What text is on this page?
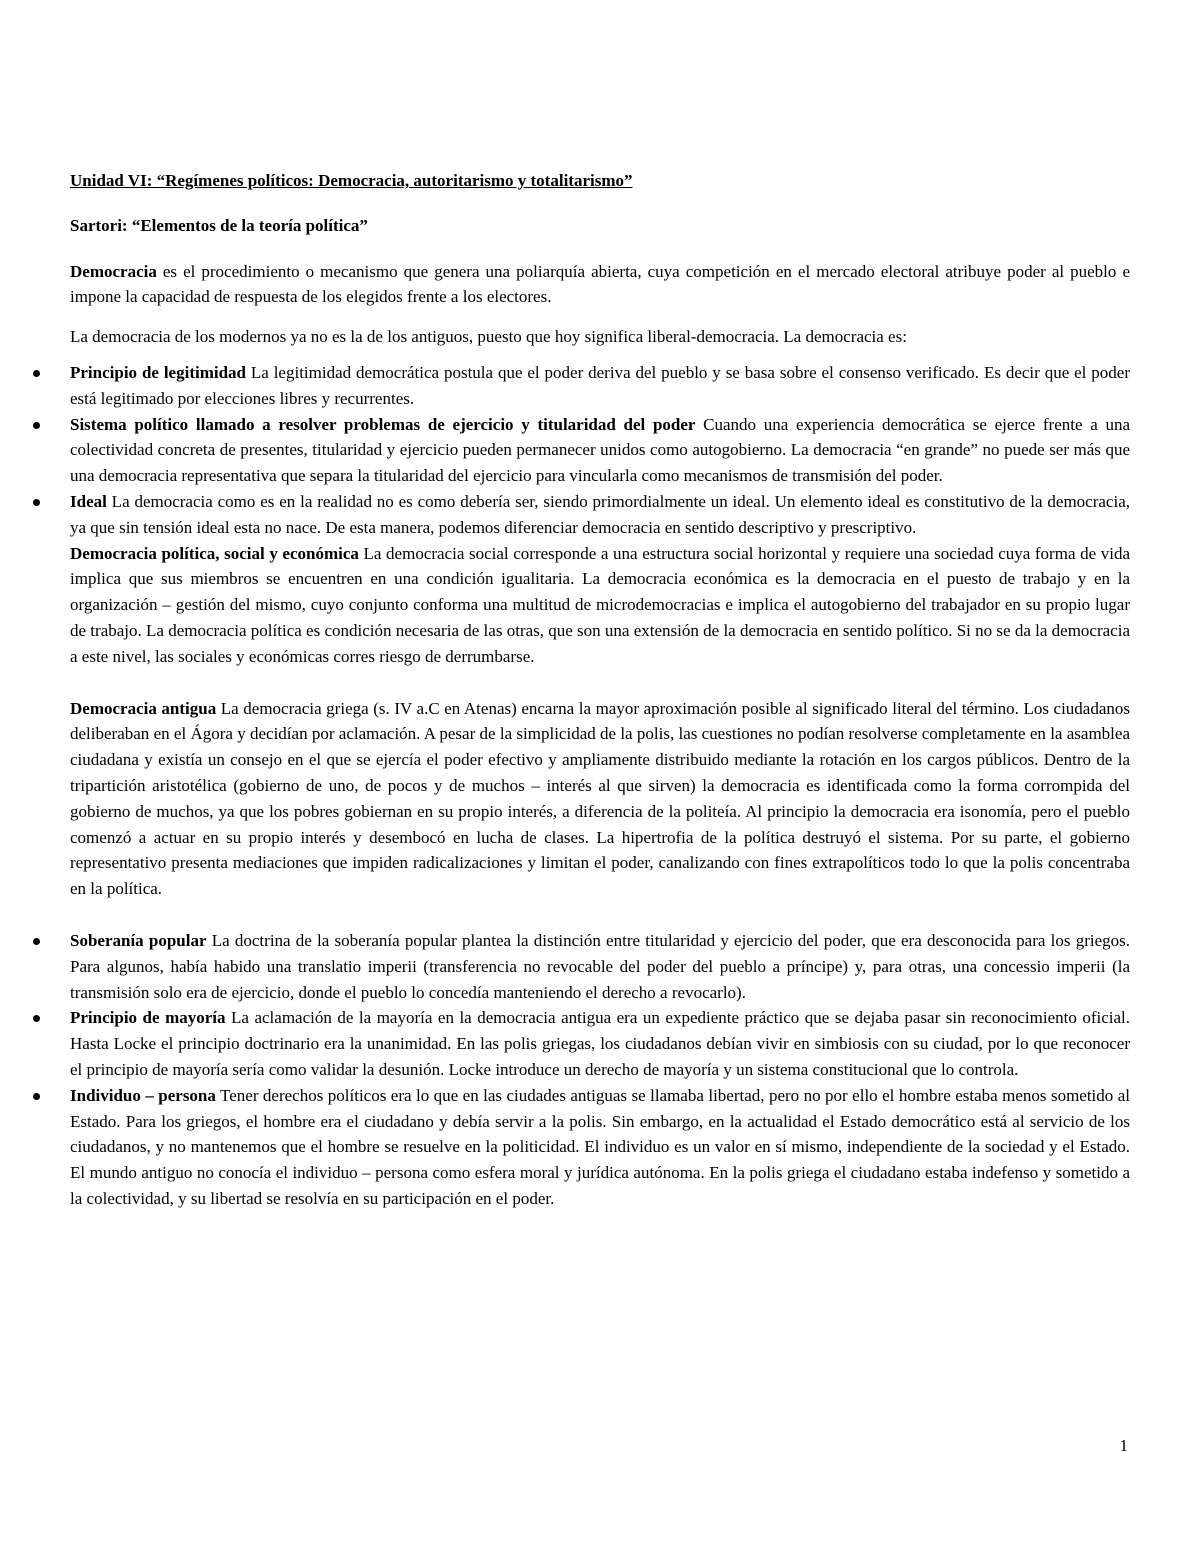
Unidad VI: “Regímenes políticos: Democracia, autoritarismo y totalitarismo”
Sartori: “Elementos de la teoría política”

Democracia es el procedimiento o mecanismo que genera una poliarquía abierta, cuya competición en el mercado electoral atribuye poder al pueblo e impone la capacidad de respuesta de los elegidos frente a los electores.

La democracia de los modernos ya no es la de los antiguos, puesto que hoy significa liberal-democracia. La democracia es:

Principio de legitimidad La legitimidad democrática postula que el poder deriva del pueblo y se basa sobre el consenso verificado. Es decir que el poder está legitimado por elecciones libres y recurrentes.
Sistema político llamado a resolver problemas de ejercicio y titularidad del poder Cuando una experiencia democrática se ejerce frente a una colectividad concreta de presentes, titularidad y ejercicio pueden permanecer unidos como autogobierno. La democracia “en grande” no puede ser más que una democracia representativa que separa la titularidad del ejercicio para vincularla como mecanismos de transmisión del poder.
Ideal La democracia como es en la realidad no es como debería ser, siendo primordialmente un ideal. Un elemento ideal es constitutivo de la democracia, ya que sin tensión ideal esta no nace. De esta manera, podemos diferenciar democracia en sentido descriptivo y prescriptivo.

Democracia política, social y económica La democracia social corresponde a una estructura social horizontal y requiere una sociedad cuya forma de vida implica que sus miembros se encuentren en una condición igualitaria. La democracia económica es la democracia en el puesto de trabajo y en la organización – gestión del mismo, cuyo conjunto conforma una multitud de microdemocracias e implica el autogobierno del trabajador en su propio lugar de trabajo. La democracia política es condición necesaria de las otras, que son una extensión de la democracia en sentido político. Si no se da la democracia a este nivel, las sociales y económicas corres riesgo de derrumbarse.

Democracia antigua La democracia griega (s. IV a.C en Atenas) encarna la mayor aproximación posible al significado literal del término. Los ciudadanos deliberaban en el Ágora y decidían por aclamación. A pesar de la simplicidad de la polis, las cuestiones no podían resolverse completamente en la asamblea ciudadana y existía un consejo en el que se ejercía el poder efectivo y ampliamente distribuido mediante la rotación en los cargos públicos. Dentro de la tripartición aristotélica (gobierno de uno, de pocos y de muchos – interés al que sirven) la democracia es identificada como la forma corrompida del gobierno de muchos, ya que los pobres gobiernan en su propio interés, a diferencia de la politeía. Al principio la democracia era isonomía, pero el pueblo comenzó a actuar en su propio interés y desembocó en lucha de clases. La hipertrofia de la política destruyó el sistema. Por su parte, el gobierno representativo presenta mediaciones que impiden radicalizaciones y limitan el poder, canalizando con fines extrapolíticos todo lo que la polis concentraba en la política.

Soberanía popular La doctrina de la soberanía popular plantea la distinción entre titularidad y ejercicio del poder, que era desconocida para los griegos. Para algunos, había habido una translatio imperii (transferencia no revocable del poder del pueblo a príncipe) y, para otras, una concessio imperii (la transmisión solo era de ejercicio, donde el pueblo lo concedía manteniendo el derecho a revocarlo).
Principio de mayoría La aclamación de la mayoría en la democracia antigua era un expediente práctico que se dejaba pasar sin reconocimiento oficial. Hasta Locke el principio doctrinario era la unanimidad. En las polis griegas, los ciudadanos debían vivir en simbiosis con su ciudad, por lo que reconocer el principio de mayoría sería como validar la desunión. Locke introduce un derecho de mayoría y un sistema constitucional que lo controla.
Individuo – persona Tener derechos políticos era lo que en las ciudades antiguas se llamaba libertad, pero no por ello el hombre estaba menos sometido al Estado. Para los griegos, el hombre era el ciudadano y debía servir a la polis. Sin embargo, en la actualidad el Estado democrático está al servicio de los ciudadanos, y no mantenemos que el hombre se resuelve en la politicidad. El individuo es un valor en sí mismo, independiente de la sociedad y el Estado. El mundo antiguo no conocía el individuo – persona como esfera moral y jurídica autónoma. En la polis griega el ciudadano estaba indefenso y sometido a la colectividad, y su libertad se resolvía en su participación en el poder.
1
